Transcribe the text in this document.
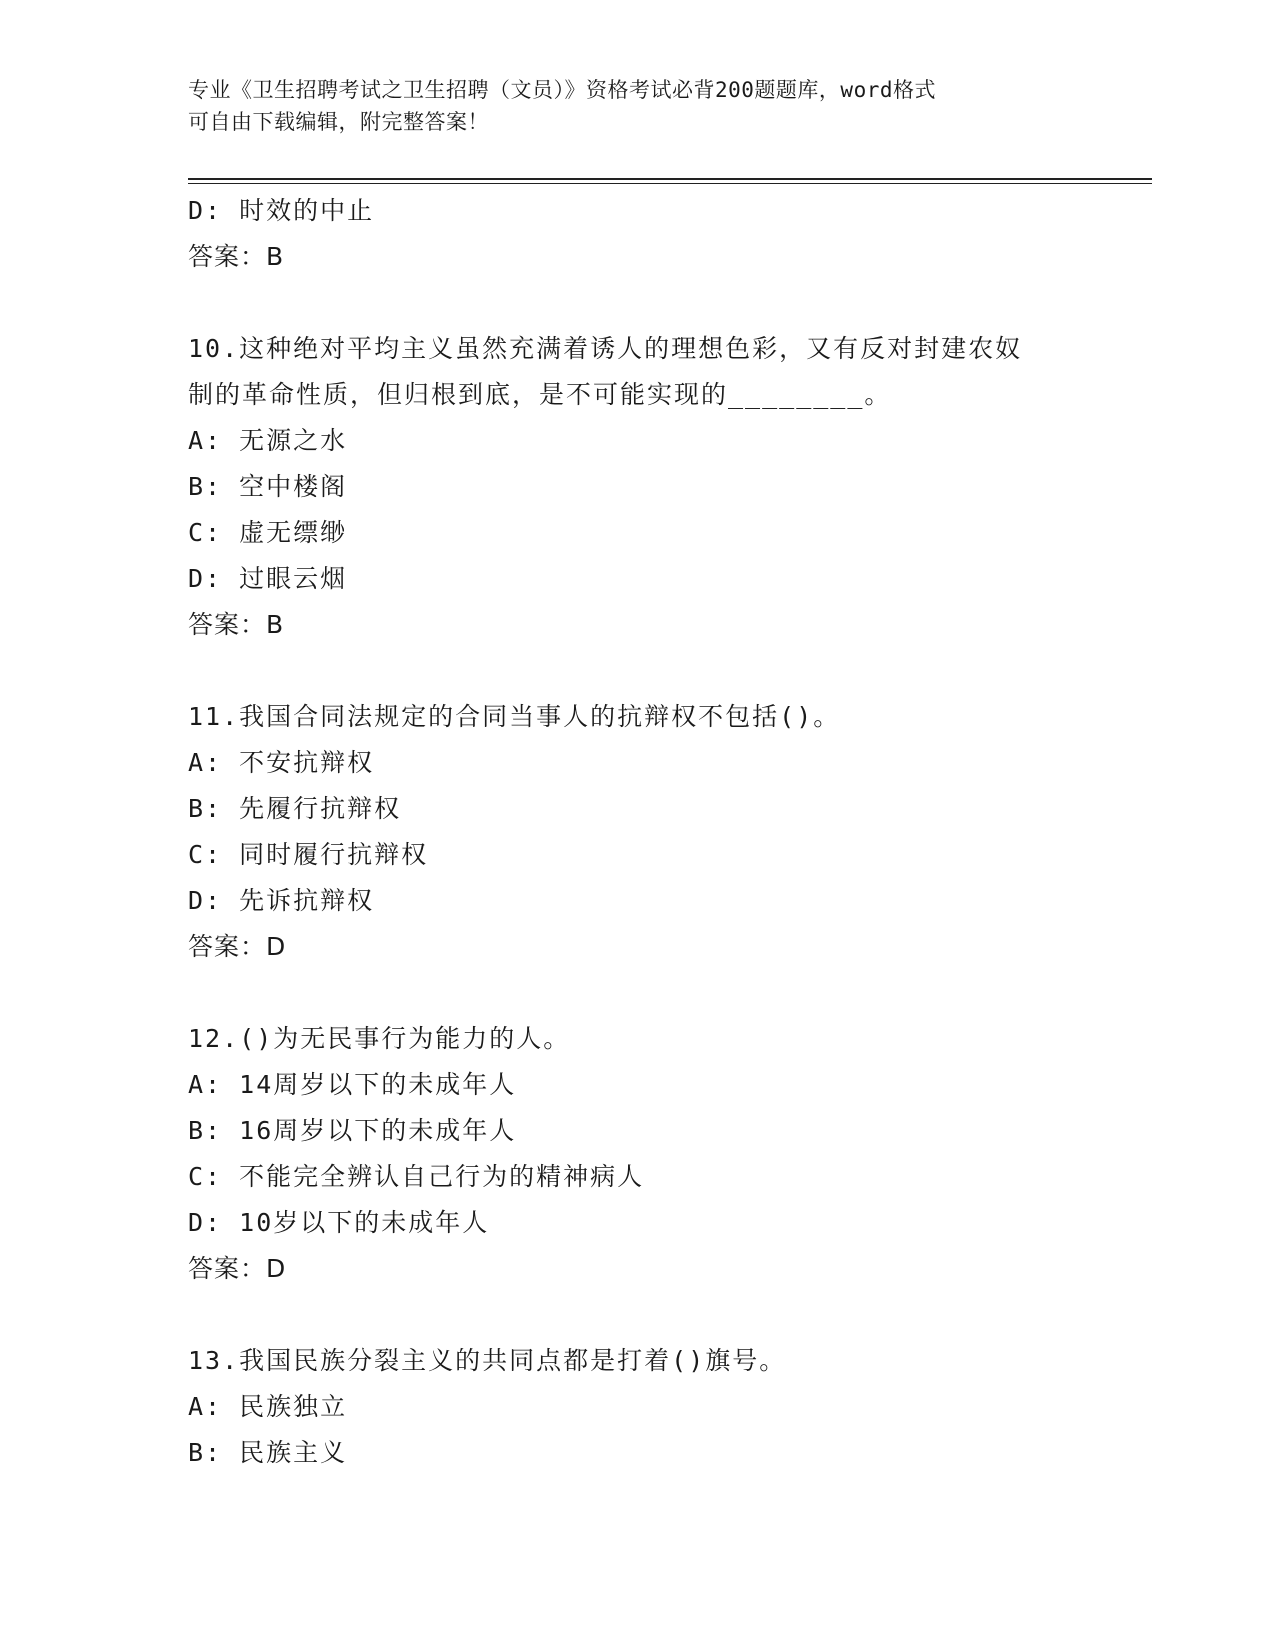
专业《卫生招聘考试之卫生招聘（文员）》资格考试必背200题题库，word格式
可自由下载编辑，附完整答案！
D: 时效的中止
答案：B
10.这种绝对平均主义虽然充满着诱人的理想色彩，又有反对封建农奴
制的革命性质，但归根到底，是不可能实现的________。
A: 无源之水
B: 空中楼阁
C: 虚无缥缈
D: 过眼云烟
答案：B
11.我国合同法规定的合同当事人的抗辩权不包括()。
A: 不安抗辩权
B: 先履行抗辩权
C: 同时履行抗辩权
D: 先诉抗辩权
答案：D
12.()为无民事行为能力的人。
A: 14周岁以下的未成年人
B: 16周岁以下的未成年人
C: 不能完全辨认自己行为的精神病人
D: 10岁以下的未成年人
答案：D
13.我国民族分裂主义的共同点都是打着()旗号。
A: 民族独立
B: 民族主义
